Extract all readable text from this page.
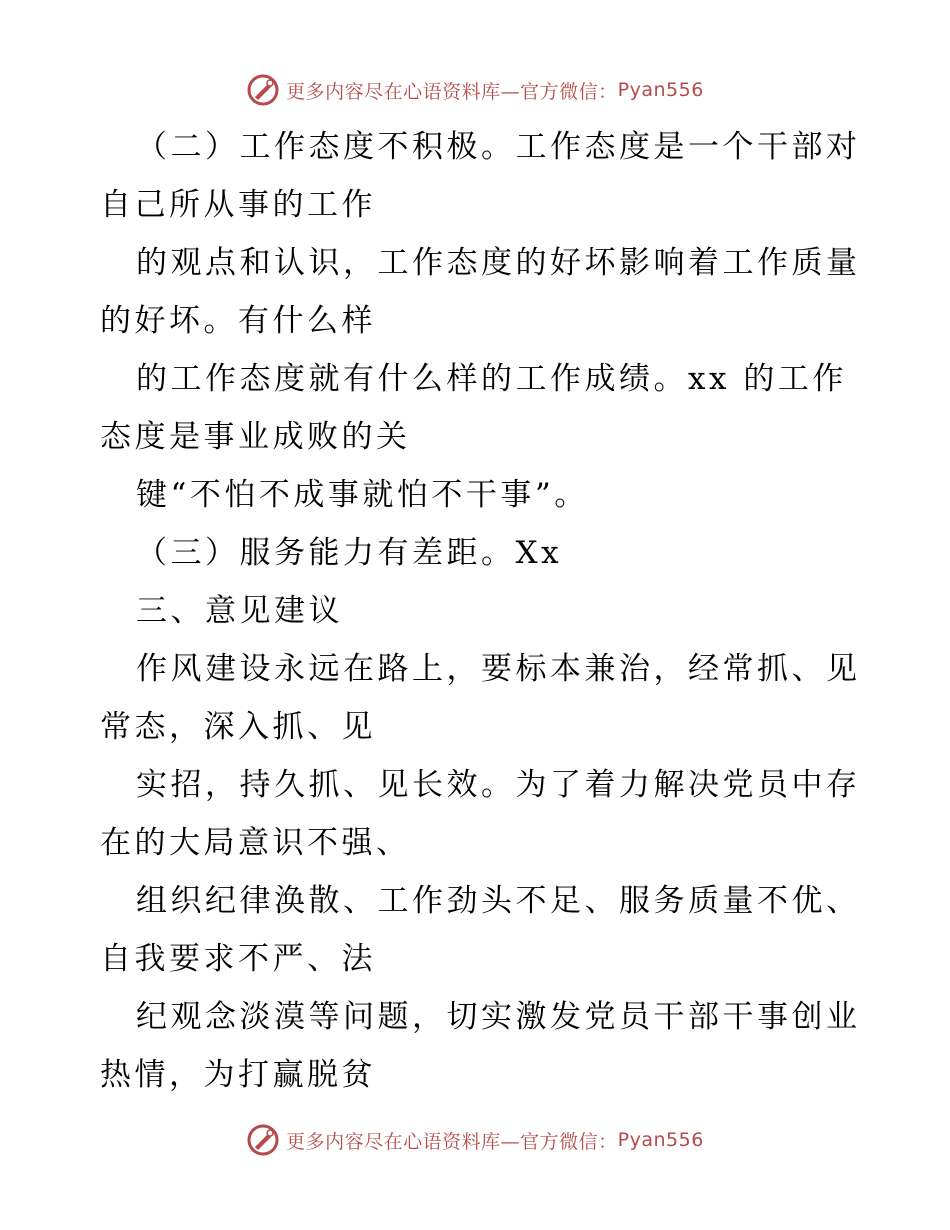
更多内容尽在心语资料库—官方微信： Pyan556
（二）工作态度不积极。工作态度是一个干部对
自己所从事的工作
的观点和认识，工作态度的好坏影响着工作质量
的好坏。有什么样
的工作态度就有什么样的工作成绩。xx 的工作
态度是事业成败的关
键“不怕不成事就怕不干事”。
（三）服务能力有差距。Xx
三、意见建议
作风建设永远在路上，要标本兼治，经常抓、见
常态，深入抓、见
实招，持久抓、见长效。为了着力解决党员中存
在的大局意识不强、
组织纪律涣散、工作劲头不足、服务质量不优、
自我要求不严、法
纪观念淡漠等问题，切实激发党员干部干事创业
热情，为打赢脱贫
更多内容尽在心语资料库—官方微信： Pyan556
